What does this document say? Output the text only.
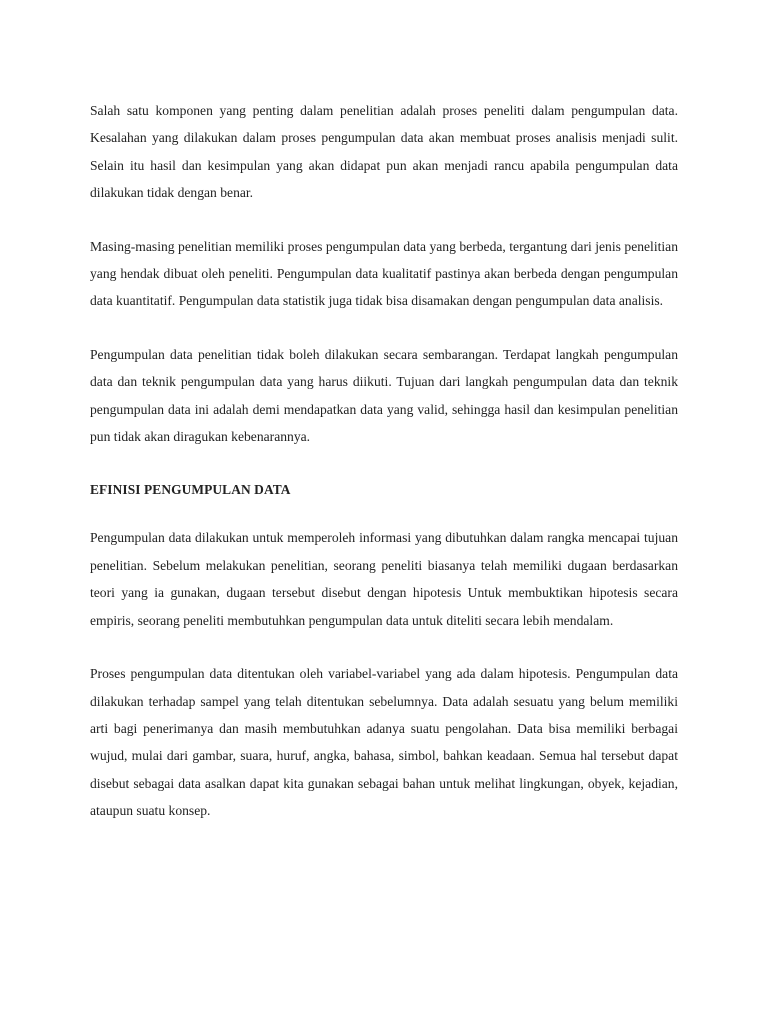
Salah satu komponen yang penting dalam penelitian adalah proses peneliti dalam pengumpulan data. Kesalahan yang dilakukan dalam proses pengumpulan data akan membuat proses analisis menjadi sulit. Selain itu hasil dan kesimpulan yang akan didapat pun akan menjadi rancu apabila pengumpulan data dilakukan tidak dengan benar.

Masing-masing penelitian memiliki proses pengumpulan data yang berbeda, tergantung dari jenis penelitian yang hendak dibuat oleh peneliti. Pengumpulan data kualitatif pastinya akan berbeda dengan pengumpulan data kuantitatif. Pengumpulan data statistik juga tidak bisa disamakan dengan pengumpulan data analisis.

Pengumpulan data penelitian tidak boleh dilakukan secara sembarangan. Terdapat langkah pengumpulan data dan teknik pengumpulan data yang harus diikuti. Tujuan dari langkah pengumpulan data dan teknik pengumpulan data ini adalah demi mendapatkan data yang valid, sehingga hasil dan kesimpulan penelitian pun tidak akan diragukan kebenarannya.

EFINISI PENGUMPULAN DATA

Pengumpulan data dilakukan untuk memperoleh informasi yang dibutuhkan dalam rangka mencapai tujuan penelitian. Sebelum melakukan penelitian, seorang peneliti biasanya telah memiliki dugaan berdasarkan teori yang ia gunakan, dugaan tersebut disebut dengan hipotesis Untuk membuktikan hipotesis secara empiris, seorang peneliti membutuhkan pengumpulan data untuk diteliti secara lebih mendalam.

Proses pengumpulan data ditentukan oleh variabel-variabel yang ada dalam hipotesis. Pengumpulan data dilakukan terhadap sampel yang telah ditentukan sebelumnya. Data adalah sesuatu yang belum memiliki arti bagi penerimanya dan masih membutuhkan adanya suatu pengolahan. Data bisa memiliki berbagai wujud, mulai dari gambar, suara, huruf, angka, bahasa, simbol, bahkan keadaan. Semua hal tersebut dapat disebut sebagai data asalkan dapat kita gunakan sebagai bahan untuk melihat lingkungan, obyek, kejadian, ataupun suatu konsep.
